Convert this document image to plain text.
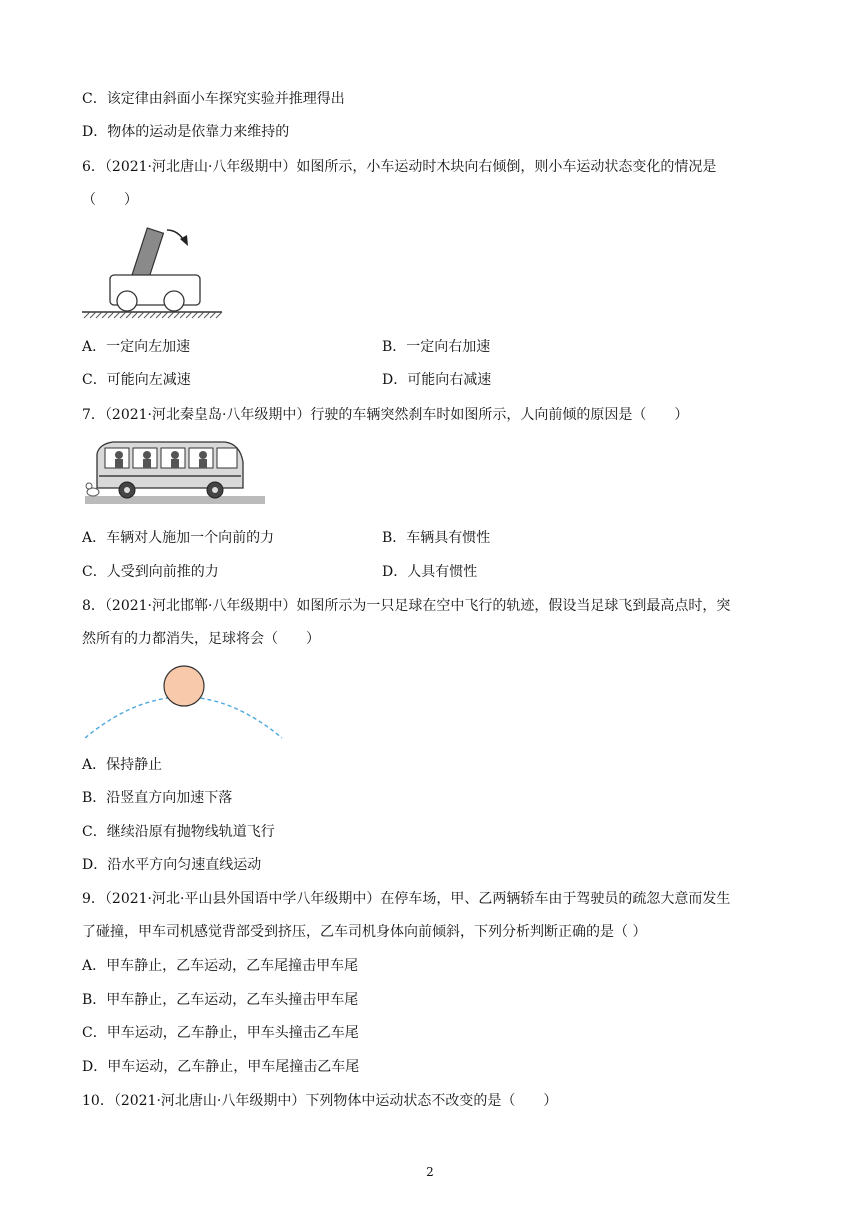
C．该定律由斜面小车探究实验并推理得出
D．物体的运动是依靠力来维持的
6．（2021·河北唐山·八年级期中）如图所示，小车运动时木块向右倾倒，则小车运动状态变化的情况是
（　　）
A．一定向左加速	B．一定向右加速
C．可能向左减速	D．可能向右减速
7．（2021·河北秦皇岛·八年级期中）行驶的车辆突然刹车时如图所示，人向前倾的原因是（　　）
A．车辆对人施加一个向前的力	B．车辆具有惯性
C．人受到向前推的力	D．人具有惯性
8．（2021·河北邯郸·八年级期中）如图所示为一只足球在空中飞行的轨迹，假设当足球飞到最高点时，突
然所有的力都消失，足球将会（　　）
A．保持静止
B．沿竖直方向加速下落
C．继续沿原有抛物线轨道飞行
D．沿水平方向匀速直线运动
9．（2021·河北·平山县外国语中学八年级期中）在停车场，甲、乙两辆轿车由于驾驶员的疏忽大意而发生
了碰撞，甲车司机感觉背部受到挤压，乙车司机身体向前倾斜，下列分析判断正确的是（ ）
A．甲车静止，乙车运动，乙车尾撞击甲车尾
B．甲车静止，乙车运动，乙车头撞击甲车尾
C．甲车运动，乙车静止，甲车头撞击乙车尾
D．甲车运动，乙车静止，甲车尾撞击乙车尾
10．（2021·河北唐山·八年级期中）下列物体中运动状态不改变的是（　　）
2
